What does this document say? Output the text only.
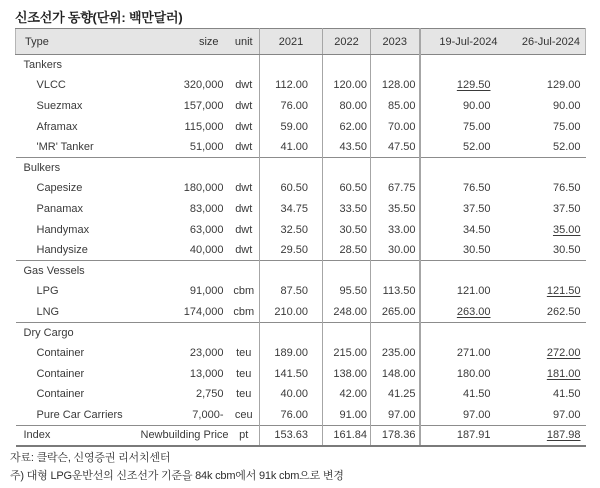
신조선가 동향(단위: 백만달러)
Type	size	unit	2021	2022	2023	19-Jul-2024	26-Jul-2024
Tankers							
VLCC	320,000	dwt	112.00	120.00	128.00	129.50	129.00
Suezmax	157,000	dwt	76.00	80.00	85.00	90.00	90.00
Aframax	115,000	dwt	59.00	62.00	70.00	75.00	75.00
'MR' Tanker	51,000	dwt	41.00	43.50	47.50	52.00	52.00
Bulkers							
Capesize	180,000	dwt	60.50	60.50	67.75	76.50	76.50
Panamax	83,000	dwt	34.75	33.50	35.50	37.50	37.50
Handymax	63,000	dwt	32.50	30.50	33.00	34.50	35.00
Handysize	40,000	dwt	29.50	28.50	30.00	30.50	30.50
Gas Vessels							
LPG	91,000	cbm	87.50	95.50	113.50	121.00	121.50
LNG	174,000	cbm	210.00	248.00	265.00	263.00	262.50
Dry Cargo							
Container	23,000	teu	189.00	215.00	235.00	271.00	272.00
Container	13,000	teu	141.50	138.00	148.00	180.00	181.00
Container	2,750	teu	40.00	42.00	41.25	41.50	41.50
Pure Car Carriers	7,000-	ceu	76.00	91.00	97.00	97.00	97.00
Index	Newbuilding Price	pt	153.63	161.84	178.36	187.91	187.98
자료: 클락슨, 신영증권 리서치센터
주) 대형 LPG운반선의 신조선가 기준을 84k cbm에서 91k cbm으로 변경
